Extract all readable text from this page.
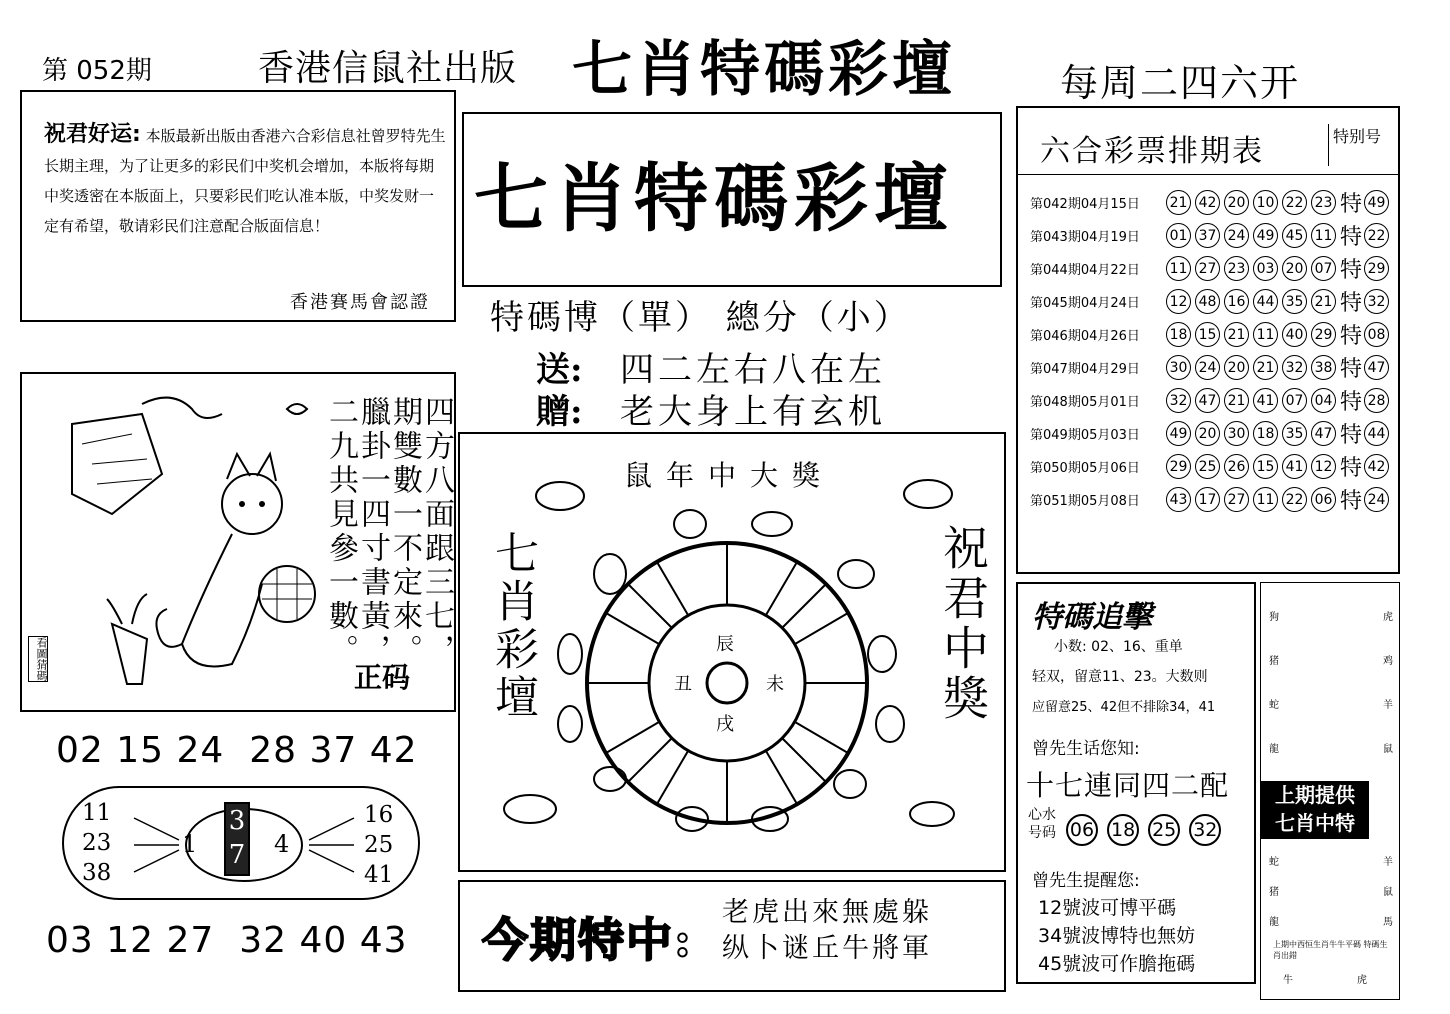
第 052期	香港信鼠社出版 七肖特碼彩壇	每周二四六开
祝君好运: 本版最新出版由香港六合彩信息社曾罗特先生长期主理，为了让更多的彩民们中奖机会增加，本版将每期中奖透密在本版面上，只要彩民们吃认准本版，中奖发财一定有希望，敬请彩民们注意配合版面信息！
香港賽馬會認證
看圖猜碼	四方八面跟三七，
期雙數一不定來。
臘卦一四寸書黃，
二九共見參一數。
正码
02 15 24  28 37 42
11
23
38
1
3
7 4
16
25
41
03 12 27  32 40 43
七肖特碼彩壇
特碼博（單） 總分（小）
送: 四二左右八在左
贈: 老大身上有玄机
鼠年中大獎
七肖彩壇	祝君中獎
辰
未
戌
丑
今期特中:
老虎出來無處躲
纵卜谜丘牛將軍
六合彩票排期表	特别号
第042期04月15日	21 42 20 10 22 23 特 49
第043期04月19日	01 37 24 49 45 11 特 22
第044期04月22日	11 27 23 03 20 07 特 29
第045期04月24日	12 48 16 44 35 21 特 32
第046期04月26日	18 15 21 11 40 29 特 08
第047期04月29日	30 24 20 21 32 38 特 47
第048期05月01日	32 47 21 41 07 04 特 28
第049期05月03日	49 20 30 18 35 47 特 44
第050期05月06日	29 25 26 15 41 12 特 42
第051期05月08日	43 17 27 11 22 06 特 24
特碼追擊
小数: 02、16、重单
轻双，留意11、23。大数则
应留意25、42但不排除34，41
曾先生话您知:
十七連同四二配
心水号码 06 18 25 32
曾先生提醒您:
12號波可博平碼
34號波博特也無妨
45號波可作膽拖碼
狗	虎
猪	鸡
蛇	羊
龍	鼠
上期提供
七肖中特
蛇	羊
猪	鼠
龍	馬
上期中西恒生肖牛牛平碼 特碼生肖出錯
牛	虎
